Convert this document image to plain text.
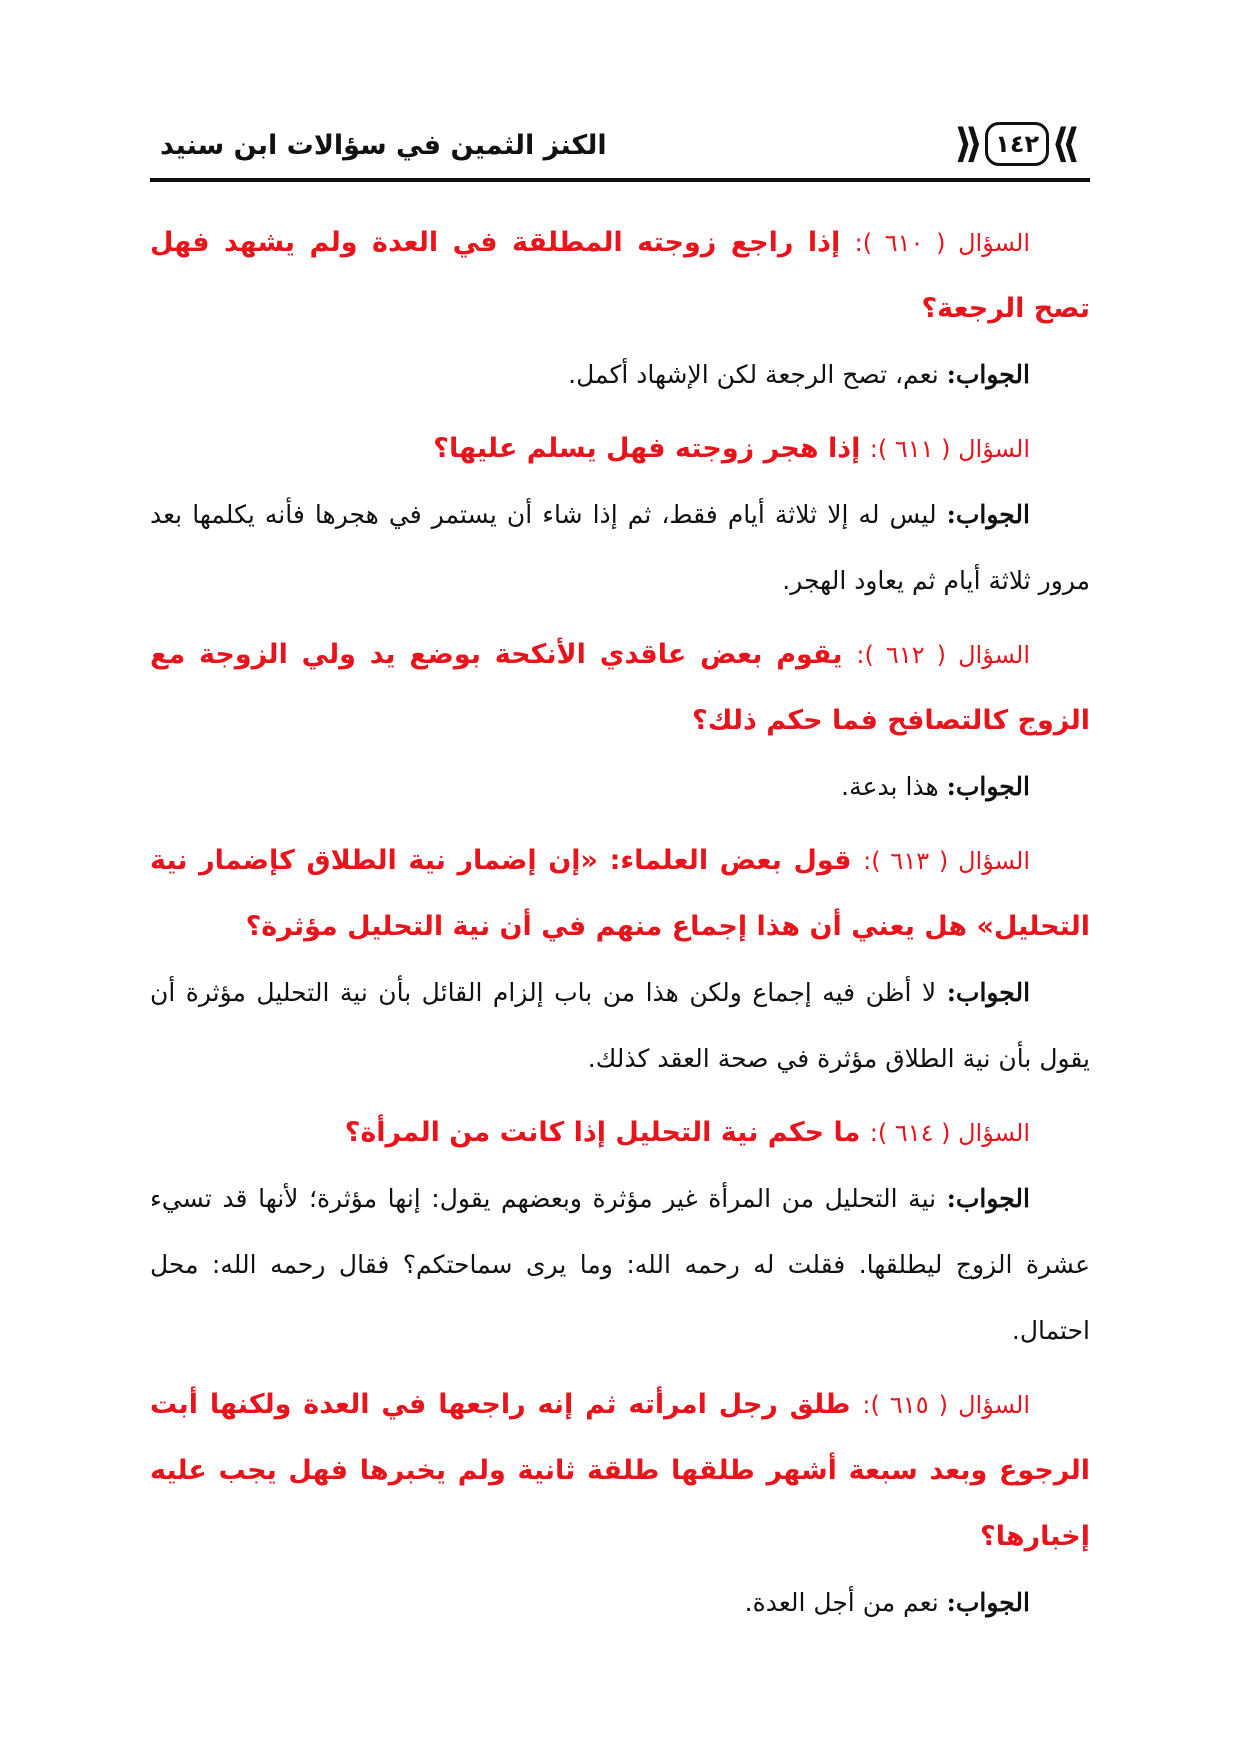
⟫ ١٤٢ ⟪
الكنز الثمين في سؤالات ابن سنيد

السؤال ( ٦١٠ ): إذا راجع زوجته المطلقة في العدة ولم يشهد فهل تصح الرجعة؟

الجواب: نعم، تصح الرجعة لكن الإشهاد أكمل.

السؤال ( ٦١١ ): إذا هجر زوجته فهل يسلم عليها؟

الجواب: ليس له إلا ثلاثة أيام فقط، ثم إذا شاء أن يستمر في هجرها فأنه يكلمها بعد مرور ثلاثة أيام ثم يعاود الهجر.

السؤال ( ٦١٢ ): يقوم بعض عاقدي الأنكحة بوضع يد ولي الزوجة مع الزوج كالتصافح فما حكم ذلك؟

الجواب: هذا بدعة.

السؤال ( ٦١٣ ): قول بعض العلماء: «إن إضمار نية الطلاق كإضمار نية التحليل» هل يعني أن هذا إجماع منهم في أن نية التحليل مؤثرة؟

الجواب: لا أظن فيه إجماع ولكن هذا من باب إلزام القائل بأن نية التحليل مؤثرة أن يقول بأن نية الطلاق مؤثرة في صحة العقد كذلك.

السؤال ( ٦١٤ ): ما حكم نية التحليل إذا كانت من المرأة؟

الجواب: نية التحليل من المرأة غير مؤثرة وبعضهم يقول: إنها مؤثرة؛ لأنها قد تسيء عشرة الزوج ليطلقها. فقلت له رحمه الله: وما يرى سماحتكم؟ فقال رحمه الله: محل احتمال.

السؤال ( ٦١٥ ): طلق رجل امرأته ثم إنه راجعها في العدة ولكنها أبت الرجوع وبعد سبعة أشهر طلقها طلقة ثانية ولم يخبرها فهل يجب عليه إخبارها؟

الجواب: نعم من أجل العدة.
